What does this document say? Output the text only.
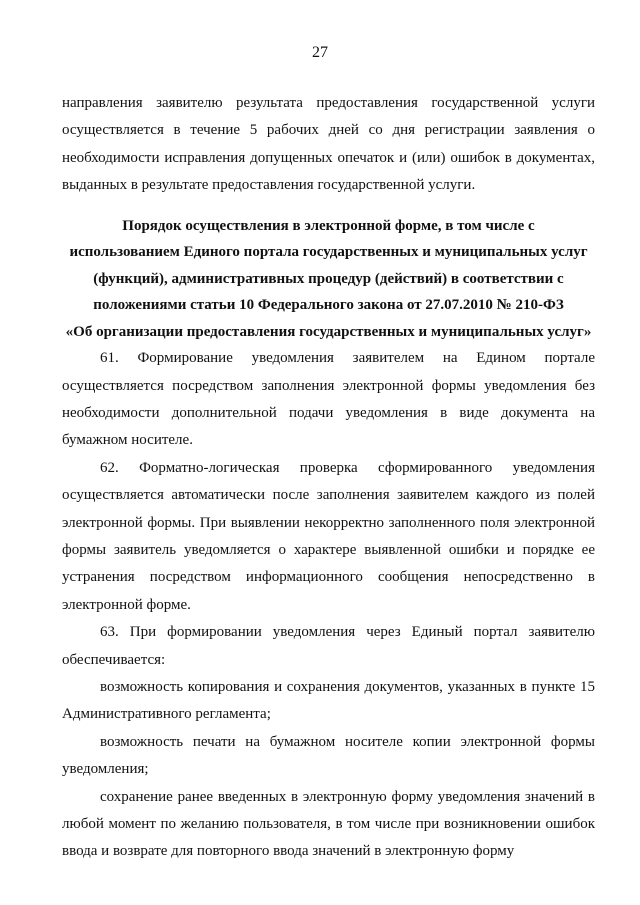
27

направления заявителю результата предоставления государственной услуги осуществляется в течение 5 рабочих дней со дня регистрации заявления о необходимости исправления допущенных опечаток и (или) ошибок в документах, выданных в результате предоставления государственной услуги.

Порядок осуществления в электронной форме, в том числе с
использованием Единого портала государственных и муниципальных услуг
(функций), административных процедур (действий) в соответствии с
положениями статьи 10 Федерального закона от 27.07.2010 № 210-ФЗ
«Об организации предоставления государственных и муниципальных услуг»

61. Формирование уведомления заявителем на Едином портале осуществляется посредством заполнения электронной формы уведомления без необходимости дополнительной подачи уведомления в виде документа на бумажном носителе.

62. Форматно-логическая проверка сформированного уведомления осуществляется автоматически после заполнения заявителем каждого из полей электронной формы. При выявлении некорректно заполненного поля электронной формы заявитель уведомляется о характере выявленной ошибки и порядке ее устранения посредством информационного сообщения непосредственно в электронной форме.

63. При формировании уведомления через Единый портал заявителю обеспечивается:

возможность копирования и сохранения документов, указанных в пункте 15 Административного регламента;

возможность печати на бумажном носителе копии электронной формы уведомления;

сохранение ранее введенных в электронную форму уведомления значений в любой момент по желанию пользователя, в том числе при возникновении ошибок ввода и возврате для повторного ввода значений в электронную форму
